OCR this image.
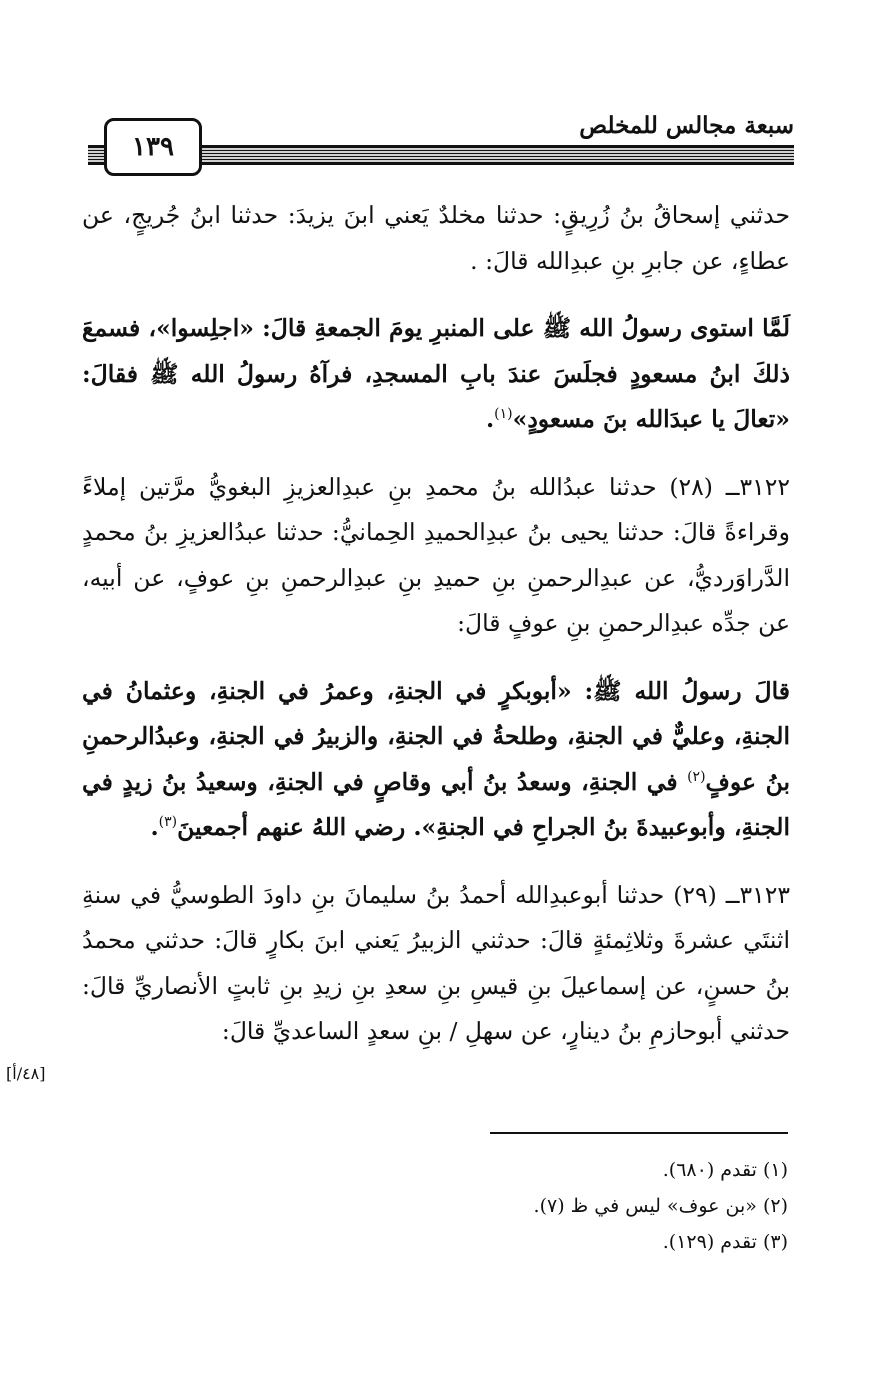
١٣٩
سبعة مجالس للمخلص

حدثني إسحاقُ بنُ زُرِيقٍ: حدثنا مخلدٌ يَعني ابنَ يزيدَ: حدثنا ابنُ جُريجٍ، عن عطاءٍ، عن جابرِ بنِ عبدِالله قالَ: .

لَمَّا استوى رسولُ الله ﷺ على المنبرِ يومَ الجمعةِ قالَ: «اجلِسوا»، فسمعَ ذلكَ ابنُ مسعودٍ فجلَسَ عندَ بابِ المسجدِ، فرآهُ رسولُ الله ﷺ فقالَ: «تعالَ يا عبدَالله بنَ مسعودٍ»$^{(١)}$.

٣١٢٢ــ (٢٨) حدثنا عبدُالله بنُ محمدِ بنِ عبدِالعزيزِ البغويُّ مرَّتين إملاءً وقراءةً قالَ: حدثنا يحيى بنُ عبدِالحميدِ الحِمانيُّ: حدثنا عبدُالعزيزِ بنُ محمدٍ الدَّراوَرديُّ، عن عبدِالرحمنِ بنِ حميدِ بنِ عبدِالرحمنِ بنِ عوفٍ، عن أبيه، عن جدِّه عبدِالرحمنِ بنِ عوفٍ قالَ:

قالَ رسولُ الله ﷺ: «أبوبكرٍ في الجنةِ، وعمرُ في الجنةِ، وعثمانُ في الجنةِ، وعليٌّ في الجنةِ، وطلحةُ في الجنةِ، والزبيرُ في الجنةِ، وعبدُالرحمنِ بنُ عوفٍ$^{(٢)}$ في الجنةِ، وسعدُ بنُ أبي وقاصٍ في الجنةِ، وسعيدُ بنُ زيدٍ في الجنةِ، وأبوعبيدةَ بنُ الجراحِ في الجنةِ». رضي اللهُ عنهم أجمعينَ$^{(٣)}$.

٣١٢٣ــ (٢٩) حدثنا أبوعبدِالله أحمدُ بنُ سليمانَ بنِ داودَ الطوسيُّ في سنةِ اثنتَي عشرةَ وثلاثِمئةٍ قالَ: حدثني الزبيرُ يَعني ابنَ بكارٍ قالَ: حدثني محمدُ بنُ حسنٍ، عن إسماعيلَ بنِ قيسِ بنِ سعدِ بنِ زيدِ بنِ ثابتٍ الأنصاريِّ قالَ: حدثني أبوحازمِ بنُ دينارٍ، عن سهلِ / بنِ سعدٍ الساعديِّ قالَ:

[٤٨/أ]
(١) تقدم (٦٨٠).
(٢) «بن عوف» ليس في ظ (٧).
(٣) تقدم (١٢٩).
